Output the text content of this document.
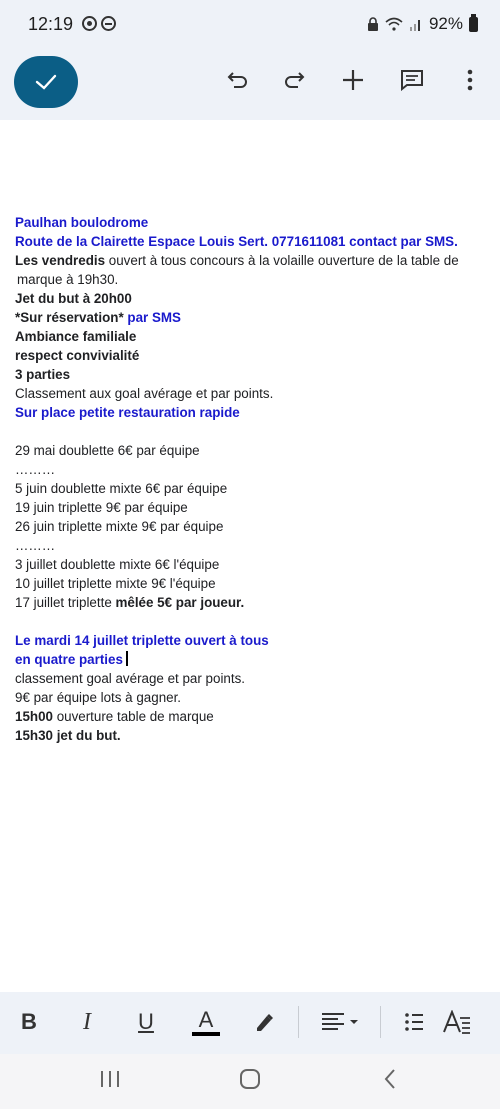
12:19	92%
Paulhan boulodrome
Route de la Clairette Espace Louis Sert. 0771611081 contact par SMS.
Les vendredis ouvert à tous concours à la volaille ouverture de la table de
marque à 19h30.
Jet du but à 20h00
*Sur réservation* par SMS
Ambiance familiale
respect convivialité
3 parties
Classement aux goal avérage et par points.
Sur place petite restauration rapide
29 mai doublette 6€ par équipe
………
5 juin doublette mixte 6€ par équipe
19 juin triplette 9€ par équipe
26 juin triplette mixte 9€ par équipe
………
3 juillet doublette mixte 6€ l'équipe
10 juillet triplette mixte 9€ l'équipe
17 juillet triplette mêlée 5€ par joueur.
Le mardi 14 juillet triplette ouvert à tous
en quatre parties
classement goal avérage et par points.
9€ par équipe lots à gagner.
15h00 ouverture table de marque
15h30 jet du but.
B	I	U	A
